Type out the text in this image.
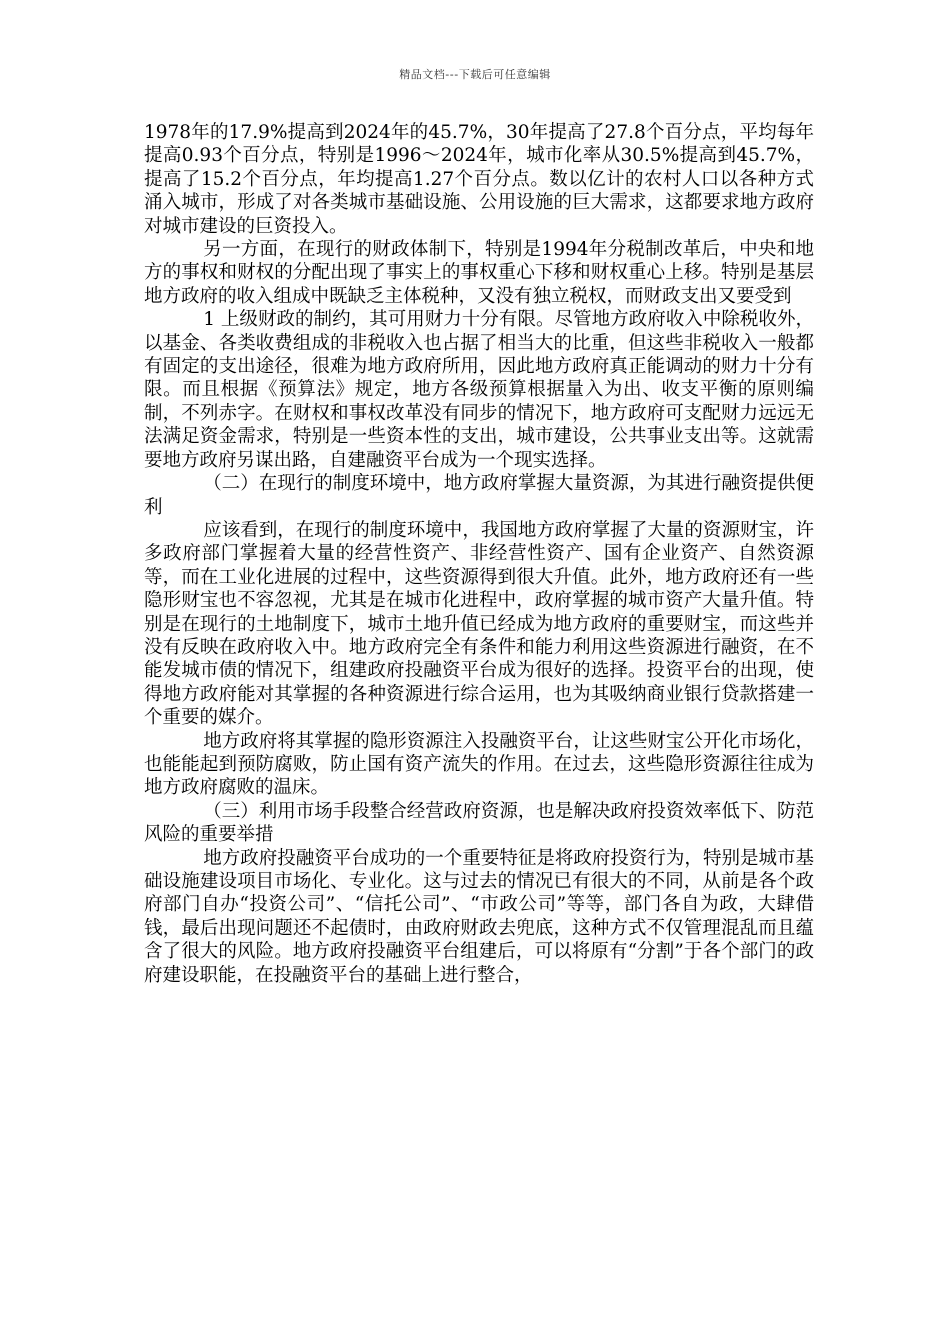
精品文档---下载后可任意编辑

1978年的17.9%提高到2024年的45.7%，30年提高了27.8个百分点，平均每年提高0.93个百分点，特别是1996～2024年，城市化率从30.5%提高到45.7%，提高了15.2个百分点，年均提高1.27个百分点。数以亿计的农村人口以各种方式涌入城市，形成了对各类城市基础设施、公用设施的巨大需求，这都要求地方政府对城市建设的巨资投入。

另一方面，在现行的财政体制下，特别是1994年分税制改革后，中央和地方的事权和财权的分配出现了事实上的事权重心下移和财权重心上移。特别是基层地方政府的收入组成中既缺乏主体税种，又没有独立税权，而财政支出又要受到

1 上级财政的制约，其可用财力十分有限。尽管地方政府收入中除税收外，以基金、各类收费组成的非税收入也占据了相当大的比重，但这些非税收入一般都有固定的支出途径，很难为地方政府所用，因此地方政府真正能调动的财力十分有限。而且根据《预算法》规定，地方各级预算根据量入为出、收支平衡的原则编制，不列赤字。在财权和事权改革没有同步的情况下，地方政府可支配财力远远无法满足资金需求，特别是一些资本性的支出，城市建设，公共事业支出等。这就需要地方政府另谋出路，自建融资平台成为一个现实选择。

（二）在现行的制度环境中，地方政府掌握大量资源，为其进行融资提供便利

应该看到，在现行的制度环境中，我国地方政府掌握了大量的资源财宝，许多政府部门掌握着大量的经营性资产、非经营性资产、国有企业资产、自然资源等，而在工业化进展的过程中，这些资源得到很大升值。此外，地方政府还有一些隐形财宝也不容忽视，尤其是在城市化进程中，政府掌握的城市资产大量升值。特别是在现行的土地制度下，城市土地升值已经成为地方政府的重要财宝，而这些并没有反映在政府收入中。地方政府完全有条件和能力利用这些资源进行融资，在不能发城市债的情况下，组建政府投融资平台成为很好的选择。投资平台的出现，使得地方政府能对其掌握的各种资源进行综合运用，也为其吸纳商业银行贷款搭建一个重要的媒介。

地方政府将其掌握的隐形资源注入投融资平台，让这些财宝公开化市场化，也能能起到预防腐败，防止国有资产流失的作用。在过去，这些隐形资源往往成为地方政府腐败的温床。

（三）利用市场手段整合经营政府资源，也是解决政府投资效率低下、防范风险的重要举措

地方政府投融资平台成功的一个重要特征是将政府投资行为，特别是城市基础设施建设项目市场化、专业化。这与过去的情况已有很大的不同，从前是各个政府部门自办“投资公司”、“信托公司”、“市政公司”等等，部门各自为政，大肆借钱，最后出现问题还不起债时，由政府财政去兜底，这种方式不仅管理混乱而且蕴含了很大的风险。地方政府投融资平台组建后，可以将原有“分割”于各个部门的政府建设职能，在投融资平台的基础上进行整合，
